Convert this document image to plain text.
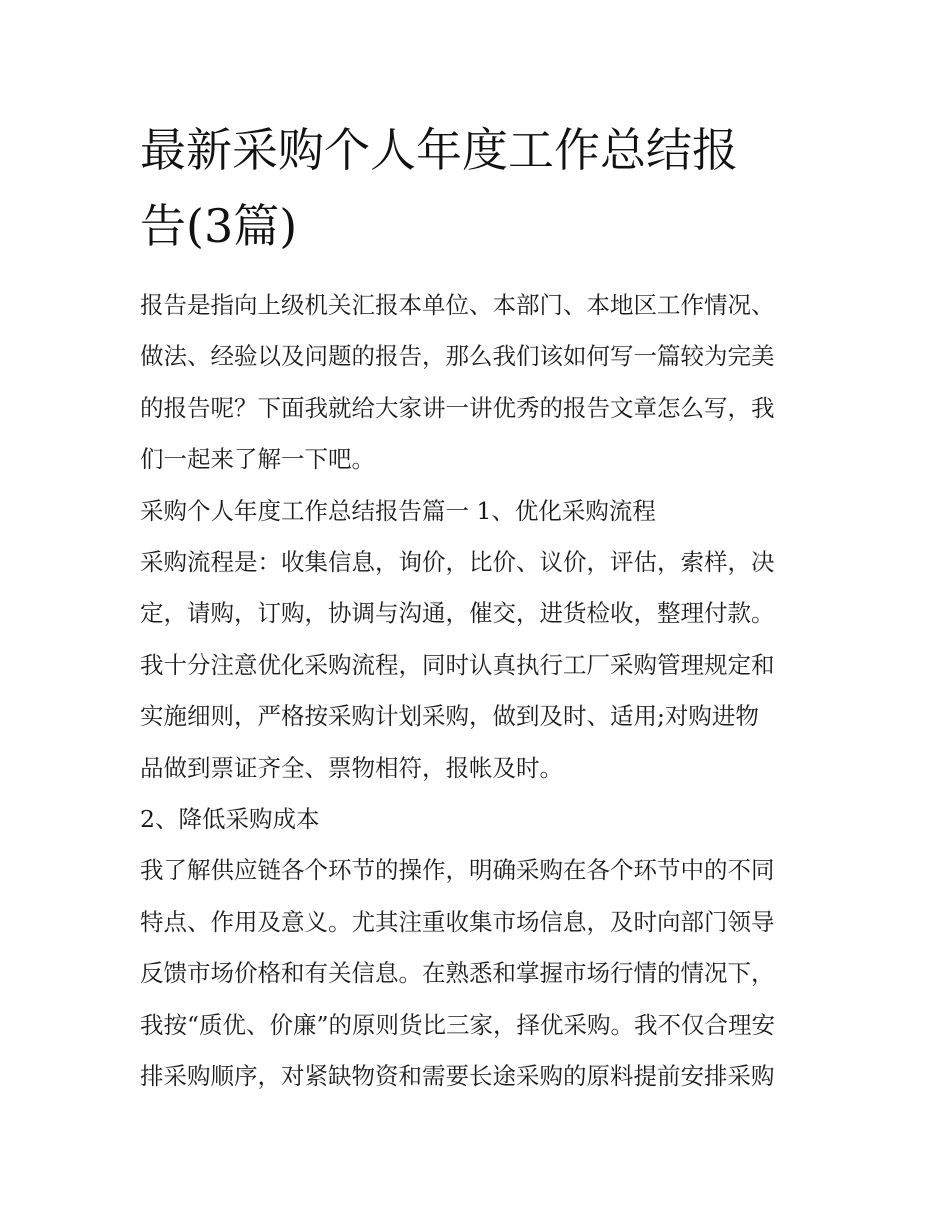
最新采购个人年度工作总结报
告(3篇)

报告是指向上级机关汇报本单位、本部门、本地区工作情况、
做法、经验以及问题的报告，那么我们该如何写一篇较为完美
的报告呢？下面我就给大家讲一讲优秀的报告文章怎么写，我
们一起来了解一下吧。

采购个人年度工作总结报告篇一 1、优化采购流程

采购流程是：收集信息，询价，比价、议价，评估，索样，决
定，请购，订购，协调与沟通，催交，进货检收，整理付款。
我十分注意优化采购流程，同时认真执行工厂采购管理规定和
实施细则，严格按采购计划采购，做到及时、适用;对购进物
品做到票证齐全、票物相符，报帐及时。

2、降低采购成本

我了解供应链各个环节的操作，明确采购在各个环节中的不同
特点、作用及意义。尤其注重收集市场信息，及时向部门领导
反馈市场价格和有关信息。在熟悉和掌握市场行情的情况下，
我按“质优、价廉”的原则货比三家，择优采购。我不仅合理安
排采购顺序，对紧缺物资和需要长途采购的原料提前安排采购
